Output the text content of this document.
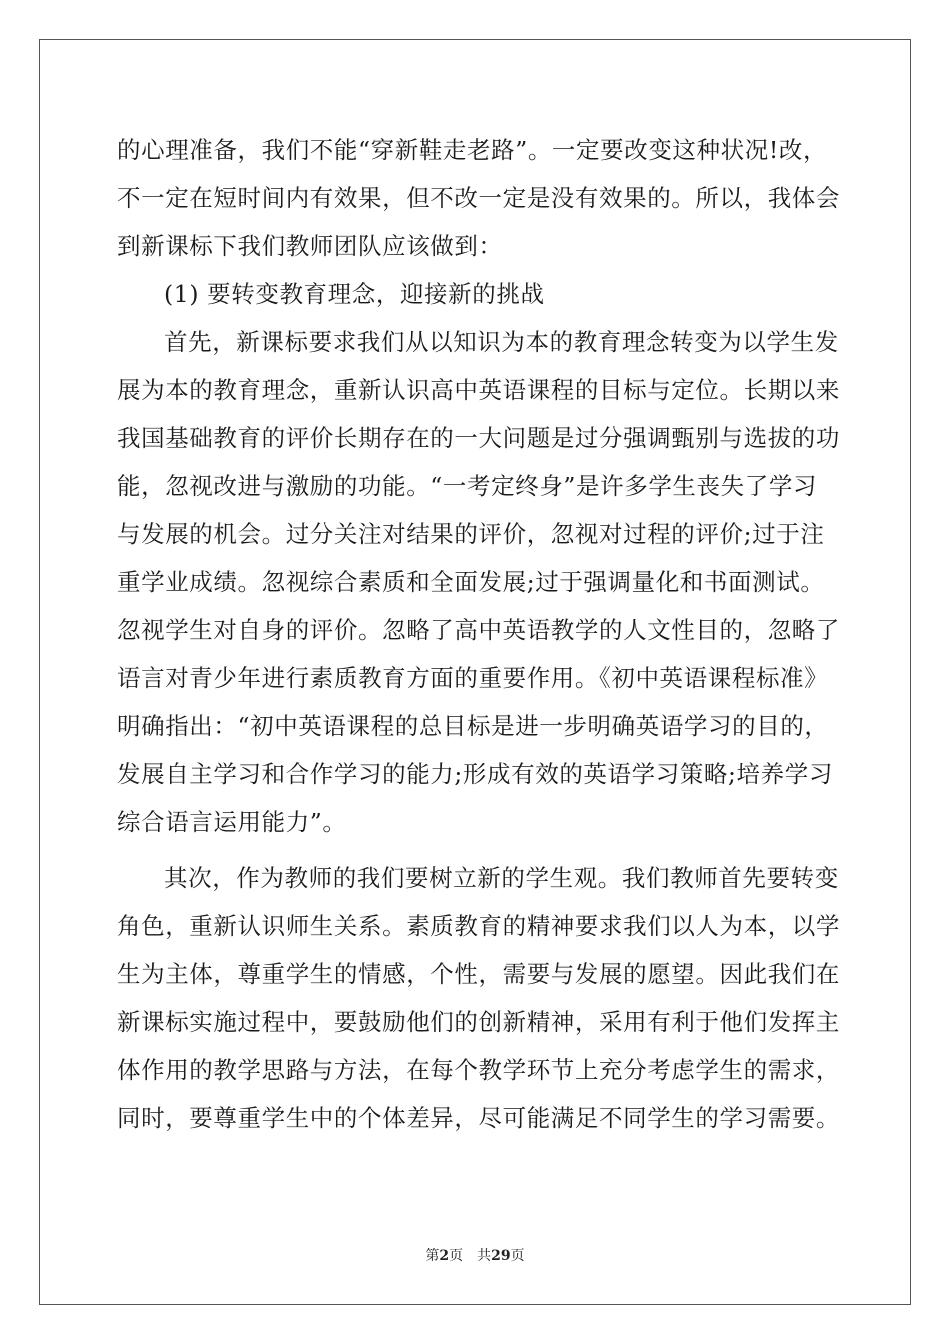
的心理准备，我们不能“穿新鞋走老路”。一定要改变这种状况!改，
不一定在短时间内有效果，但不改一定是没有效果的。所以，我体会
到新课标下我们教师团队应该做到：
(1) 要转变教育理念，迎接新的挑战
首先，新课标要求我们从以知识为本的教育理念转变为以学生发
展为本的教育理念，重新认识高中英语课程的目标与定位。长期以来
我国基础教育的评价长期存在的一大问题是过分强调甄别与选拔的功
能，忽视改进与激励的功能。“一考定终身”是许多学生丧失了学习
与发展的机会。过分关注对结果的评价，忽视对过程的评价;过于注
重学业成绩。忽视综合素质和全面发展;过于强调量化和书面测试。
忽视学生对自身的评价。忽略了高中英语教学的人文性目的，忽略了
语言对青少年进行素质教育方面的重要作用。《初中英语课程标准》
明确指出：“初中英语课程的总目标是进一步明确英语学习的目的，
发展自主学习和合作学习的能力;形成有效的英语学习策略;培养学习
综合语言运用能力”。
其次，作为教师的我们要树立新的学生观。我们教师首先要转变
角色，重新认识师生关系。素质教育的精神要求我们以人为本，以学
生为主体，尊重学生的情感，个性，需要与发展的愿望。因此我们在
新课标实施过程中，要鼓励他们的创新精神，采用有利于他们发挥主
体作用的教学思路与方法，在每个教学环节上充分考虑学生的需求，
同时，要尊重学生中的个体差异，尽可能满足不同学生的学习需要。
第2页 共29页
